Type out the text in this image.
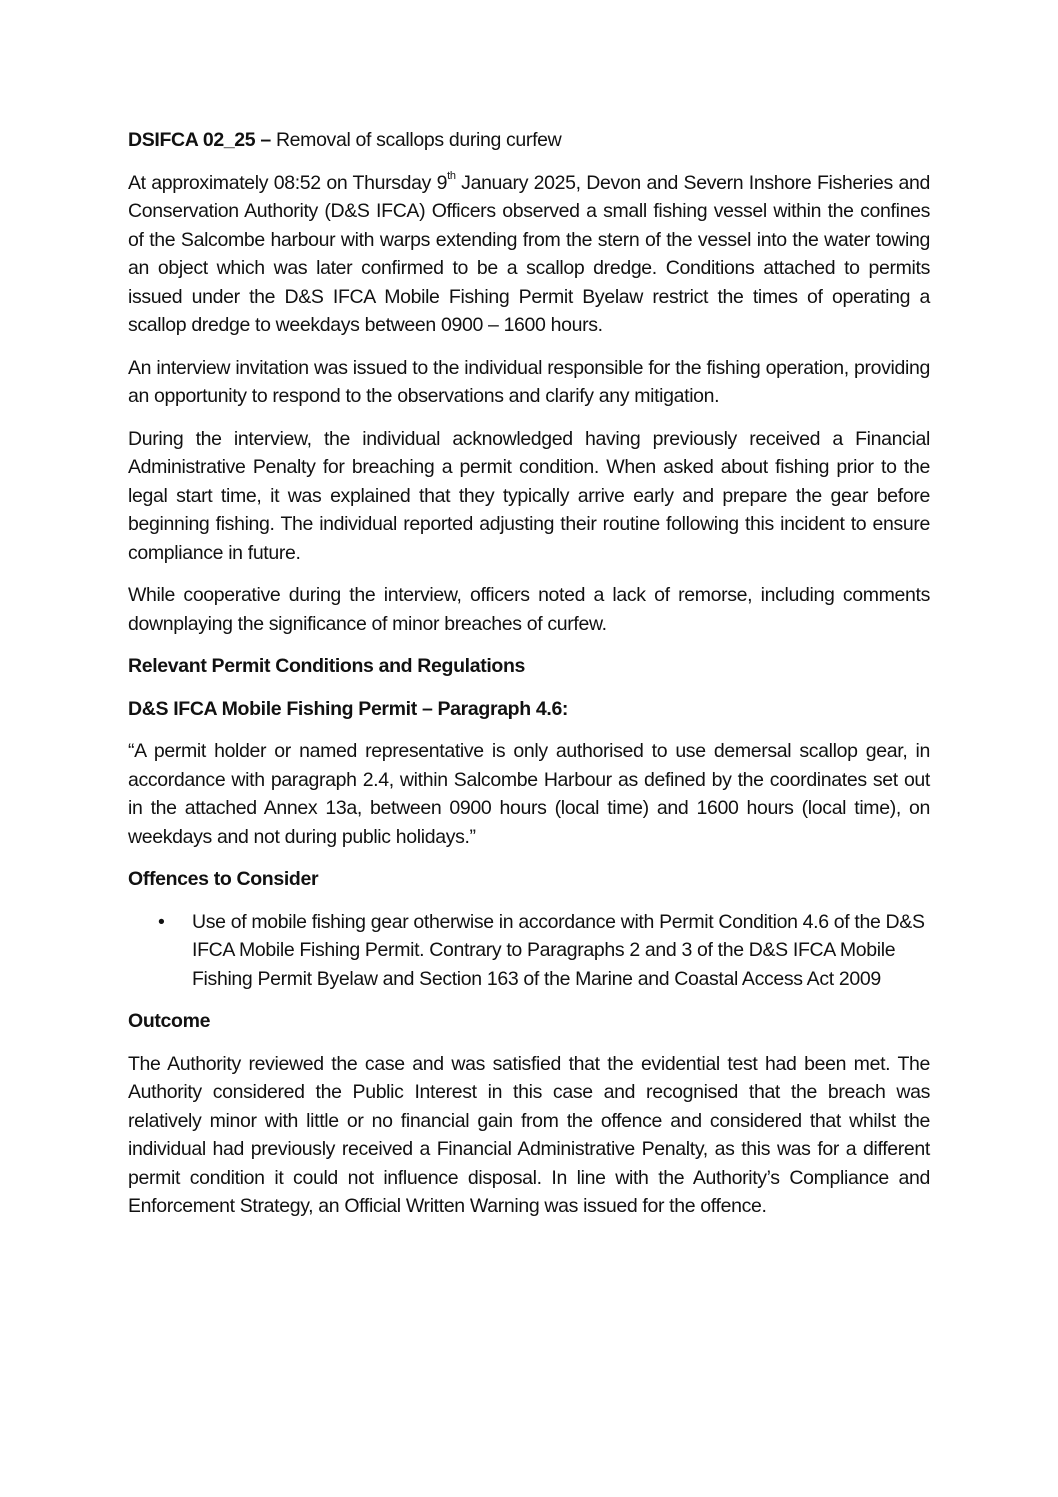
DSIFCA 02_25 – Removal of scallops during curfew

At approximately 08:52 on Thursday 9th January 2025, Devon and Severn Inshore Fisheries and Conservation Authority (D&S IFCA) Officers observed a small fishing vessel within the confines of the Salcombe harbour with warps extending from the stern of the vessel into the water towing an object which was later confirmed to be a scallop dredge. Conditions attached to permits issued under the D&S IFCA Mobile Fishing Permit Byelaw restrict the times of operating a scallop dredge to weekdays between 0900 – 1600 hours.

An interview invitation was issued to the individual responsible for the fishing operation, providing an opportunity to respond to the observations and clarify any mitigation.

During the interview, the individual acknowledged having previously received a Financial Administrative Penalty for breaching a permit condition. When asked about fishing prior to the legal start time, it was explained that they typically arrive early and prepare the gear before beginning fishing. The individual reported adjusting their routine following this incident to ensure compliance in future.

While cooperative during the interview, officers noted a lack of remorse, including comments downplaying the significance of minor breaches of curfew.

Relevant Permit Conditions and Regulations
D&S IFCA Mobile Fishing Permit – Paragraph 4.6:

“A permit holder or named representative is only authorised to use demersal scallop gear, in accordance with paragraph 2.4, within Salcombe Harbour as defined by the coordinates set out in the attached Annex 13a, between 0900 hours (local time) and 1600 hours (local time), on weekdays and not during public holidays.”

Offences to Consider
• Use of mobile fishing gear otherwise in accordance with Permit Condition 4.6 of the D&S IFCA Mobile Fishing Permit. Contrary to Paragraphs 2 and 3 of the D&S IFCA Mobile Fishing Permit Byelaw and Section 163 of the Marine and Coastal Access Act 2009
Outcome

The Authority reviewed the case and was satisfied that the evidential test had been met. The Authority considered the Public Interest in this case and recognised that the breach was relatively minor with little or no financial gain from the offence and considered that whilst the individual had previously received a Financial Administrative Penalty, as this was for a different permit condition it could not influence disposal. In line with the Authority’s Compliance and Enforcement Strategy, an Official Written Warning was issued for the offence.
